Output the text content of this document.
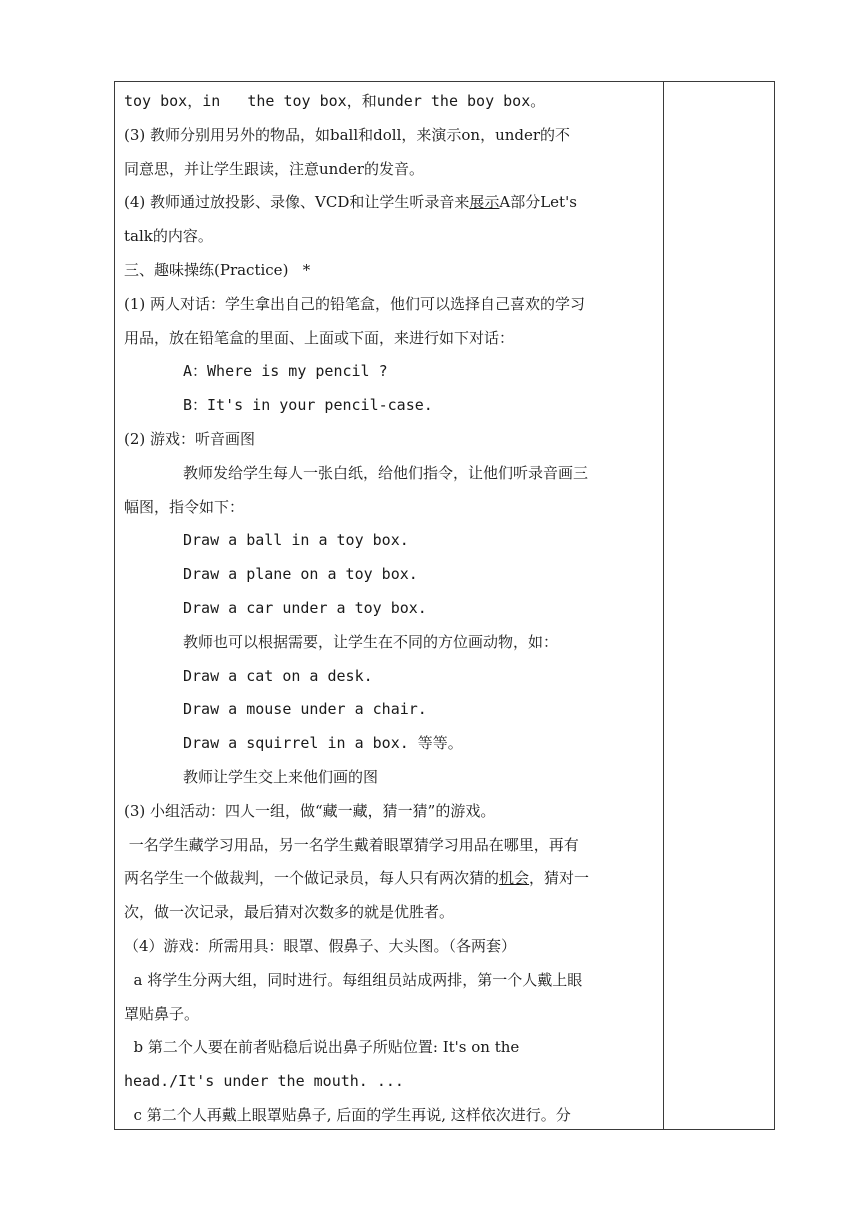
toy box，in   the toy box，和under the boy box。
(3) 教师分别用另外的物品，如ball和doll，来演示on，under的不
同意思，并让学生跟读，注意under的发音。
(4) 教师通过放投影、录像、VCD和让学生听录音来展示A部分Let's
talk的内容。
三、趣味操练(Practice)   *
(1) 两人对话：学生拿出自己的铅笔盒，他们可以选择自己喜欢的学习
用品，放在铅笔盒的里面、上面或下面，来进行如下对话：
A：Where is my pencil ?
B：It's in your pencil-case.
(2) 游戏：听音画图
教师发给学生每人一张白纸，给他们指令，让他们听录音画三
幅图，指令如下：
Draw a ball in a toy box.
Draw a plane on a toy box.
Draw a car under a toy box.
教师也可以根据需要，让学生在不同的方位画动物，如：
Draw a cat on a desk.
Draw a mouse under a chair.
Draw a squirrel in a box. 等等。
教师让学生交上来他们画的图
(3) 小组活动：四人一组，做“藏一藏，猜一猜”的游戏。
一名学生藏学习用品，另一名学生戴着眼罩猜学习用品在哪里，再有
两名学生一个做裁判，一个做记录员，每人只有两次猜的机会，猜对一
次，做一次记录，最后猜对次数多的就是优胜者。
（4）游戏：所需用具：眼罩、假鼻子、大头图。（各两套）
a 将学生分两大组，同时进行。每组组员站成两排，第一个人戴上眼
罩贴鼻子。
b 第二个人要在前者贴稳后说出鼻子所贴位置: It's on the
head./It's under the mouth. ...
c 第二个人再戴上眼罩贴鼻子, 后面的学生再说, 这样依次进行。分
